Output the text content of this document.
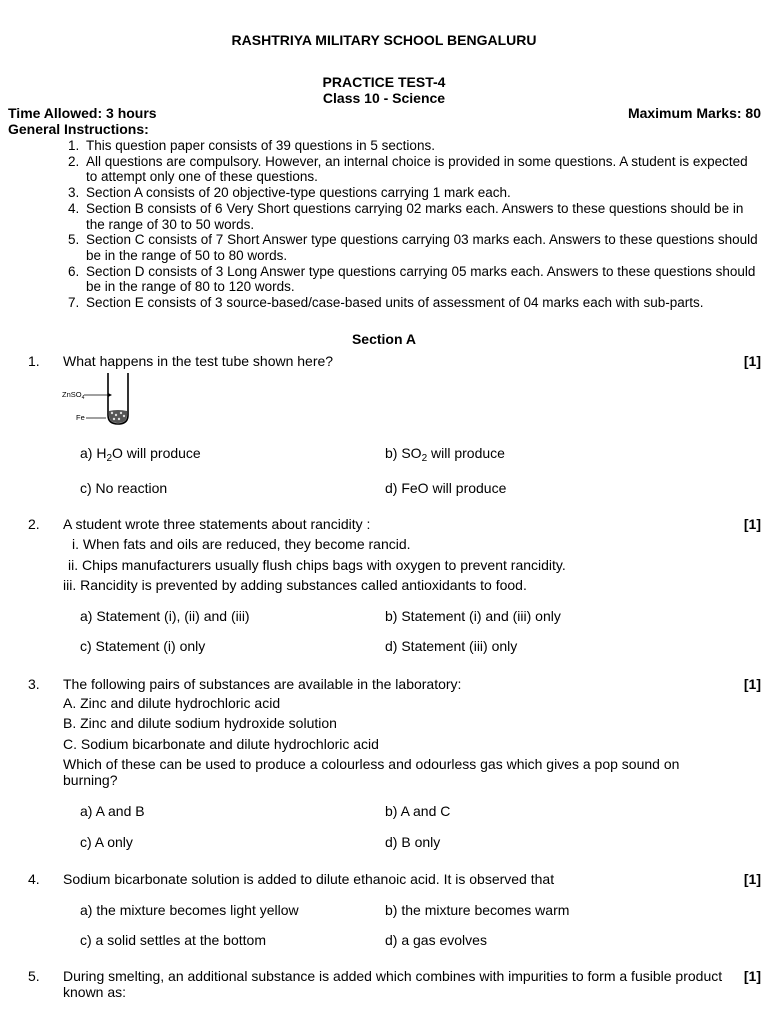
RASHTRIYA MILITARY SCHOOL BENGALURU
PRACTICE TEST-4
Class 10 - Science
Time Allowed: 3 hours	Maximum Marks: 80
General Instructions:
1. This question paper consists of 39 questions in 5 sections.
2. All questions are compulsory. However, an internal choice is provided in some questions. A student is expected to attempt only one of these questions.
3. Section A consists of 20 objective-type questions carrying 1 mark each.
4. Section B consists of 6 Very Short questions carrying 02 marks each. Answers to these questions should be in the range of 30 to 50 words.
5. Section C consists of 7 Short Answer type questions carrying 03 marks each. Answers to these questions should be in the range of 50 to 80 words.
6. Section D consists of 3 Long Answer type questions carrying 05 marks each. Answers to these questions should be in the range of 80 to 120 words.
7. Section E consists of 3 source-based/case-based units of assessment of 04 marks each with sub-parts.
Section A
1. What happens in the test tube shown here?	[1]
ZnSO$_4$
Fe
a) $H_2O$ will produce	b) $SO_2$ will produce
c) No reaction	d) FeO will produce
2. A student wrote three statements about rancidity :	[1]
i. When fats and oils are reduced, they become rancid.
ii. Chips manufacturers usually flush chips bags with oxygen to prevent rancidity.
iii. Rancidity is prevented by adding substances called antioxidants to food.
a) Statement (i), (ii) and (iii)	b) Statement (i) and (iii) only
c) Statement (i) only	d) Statement (iii) only
3. The following pairs of substances are available in the laboratory:	[1]
A. Zinc and dilute hydrochloric acid
B. Zinc and dilute sodium hydroxide solution
C. Sodium bicarbonate and dilute hydrochloric acid
Which of these can be used to produce a colourless and odourless gas which gives a pop sound on burning?
a) A and B	b) A and C
c) A only	d) B only
4. Sodium bicarbonate solution is added to dilute ethanoic acid. It is observed that	[1]
a) the mixture becomes light yellow	b) the mixture becomes warm
c) a solid settles at the bottom	d) a gas evolves
5. During smelting, an additional substance is added which combines with impurities to form a fusible product known as:
[1]
